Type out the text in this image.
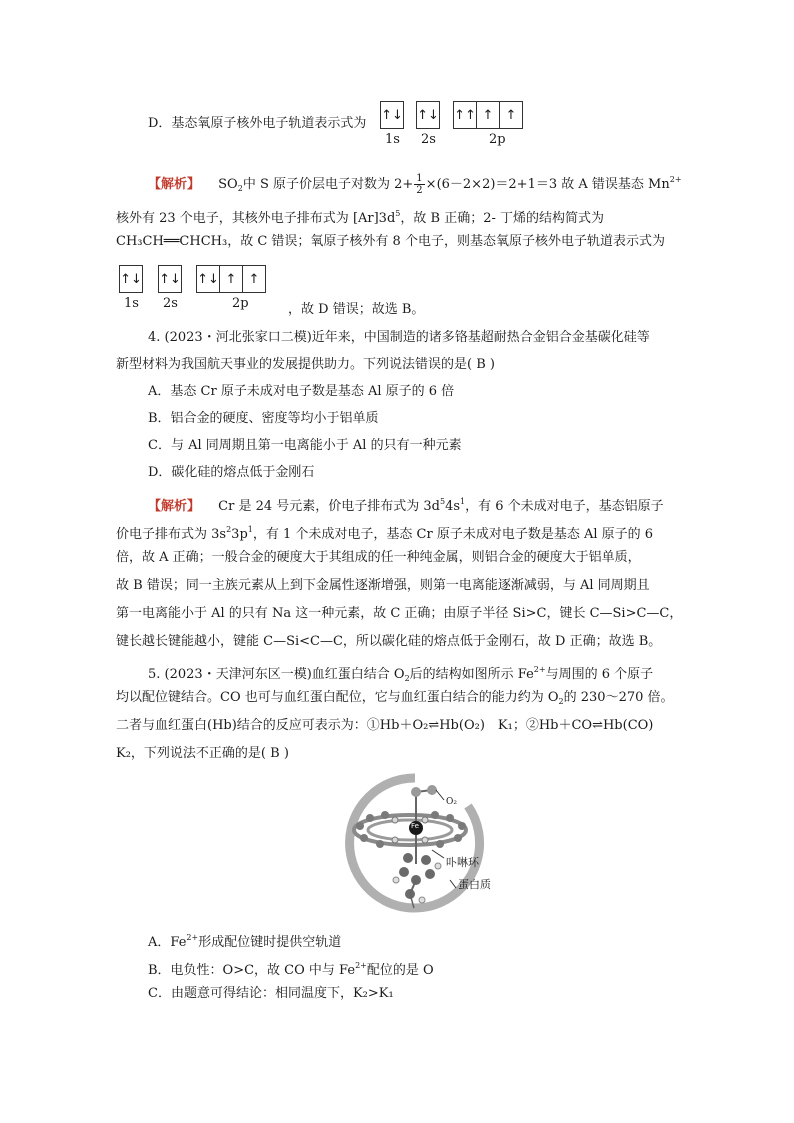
D．基态氧原子核外电子轨道表示式为
↑↓ ↑↓ ↑↑ ↑ ↑
1s 2s	2p
【解析】 $SO_2$中 S 原子价层电子对数为 $2+ \frac{1}{2} \times(6-2\times 2)=2+1=3$ 故 A 错误基态 $Mn^{2+}$
核外有 23 个电子，其核外电子排布式为 $[Ar]3d^5$，故 B 正确；2- 丁烯的结构简式为
CH₃CH══CHCH₃，故 C 错误；氧原子核外有 8 个电子，则基态氧原子核外电子轨道表示式为
↑↓ ↑↓ ↑↓ ↑ ↑
1s 2s	2p	，故 D 错误；故选 B。
4. (2023・河北张家口二模)近年来，中国制造的诸多铬基超耐热合金铝合金基碳化硅等
新型材料为我国航天事业的发展提供助力。下列说法错误的是( B )
A．基态 Cr 原子未成对电子数是基态 Al 原子的 6 倍
B．铝合金的硬度、密度等均小于铝单质
C．与 Al 同周期且第一电离能小于 Al 的只有一种元素
D．碳化硅的熔点低于金刚石
【解析】 Cr 是 24 号元素，价电子排布式为 $3d^54s^1$，有 6 个未成对电子，基态铝原子
价电子排布式为 $3s^23p^1$，有 1 个未成对电子，基态 Cr 原子未成对电子数是基态 Al 原子的 6
倍，故 A 正确；一般合金的硬度大于其组成的任一种纯金属，则铝合金的硬度大于铝单质，
故 B 错误；同一主族元素从上到下金属性逐渐增强，则第一电离能逐渐减弱，与 Al 同周期且
第一电离能小于 Al 的只有 Na 这一种元素，故 C 正确；由原子半径 Si>C，键长 C—Si>C—C，
键长越长键能越小，键能 C—Si<C—C，所以碳化硅的熔点低于金刚石，故 D 正确；故选 B。
5. (2023・天津河东区一模)血红蛋白结合 $O_2$后的结构如图所示 $Fe^{2+}$与周围的 6 个原子
均以配位键结合。CO 也可与血红蛋白配位，它与血红蛋白结合的能力约为 $O_2$的 230～270 倍。
二者与血红蛋白(Hb)结合的反应可表示为：①Hb＋O₂⇌Hb(O₂)　K₁；②Hb＋CO⇌Hb(CO)
K₂，下列说法不正确的是( B )
O₂
Fe
卟啉环
蛋白质
A．$Fe^{2+}$形成配位键时提供空轨道
B．电负性：O>C，故 CO 中与 $Fe^{2+}$配位的是 O
C．由题意可得结论：相同温度下，K₂>K₁
